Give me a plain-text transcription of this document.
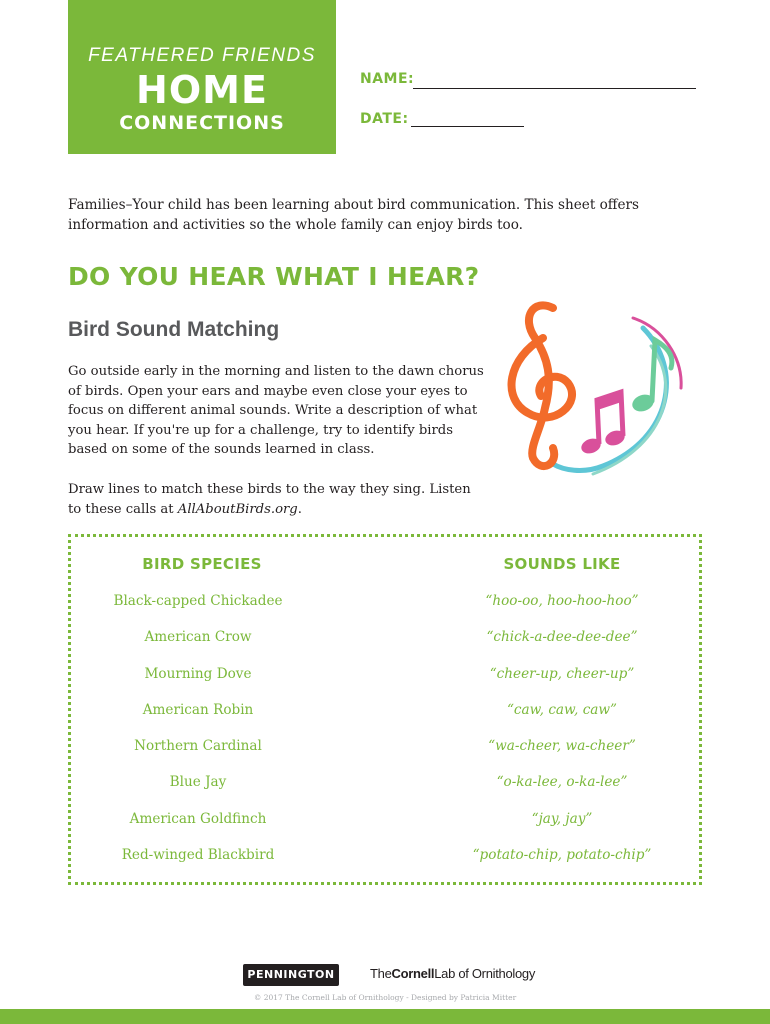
FEATHERED FRIENDS
HOME
CONNECTIONS
NAME:
DATE:

Families–Your child has been learning about bird communication. This sheet offers information and activities so the whole family can enjoy birds too.

DO YOU HEAR WHAT I HEAR?
Bird Sound Matching

Go outside early in the morning and listen to the dawn chorus of birds. Open your ears and maybe even close your eyes to focus on different animal sounds. Write a description of what you hear. If you're up for a challenge, try to identify birds based on some of the sounds learned in class.

Draw lines to match these birds to the way they sing. Listen to these calls at AllAboutBirds.org.

BIRD SPECIES	SOUNDS LIKE
Black-capped Chickadee
American Crow
Mourning Dove
American Robin
Northern Cardinal
Blue Jay
American Goldfinch
Red-winged Blackbird
“hoo-oo, hoo-hoo-hoo”
“chick-a-dee-dee-dee”
“cheer-up, cheer-up”
“caw, caw, caw”
“wa-cheer, wa-cheer”
“o-ka-lee, o-ka-lee”
“jay, jay”
“potato-chip, potato-chip”
PENNINGTON	TheCornellLab of Ornithology
© 2017 The Cornell Lab of Ornithology - Designed by Patricia Mitter
